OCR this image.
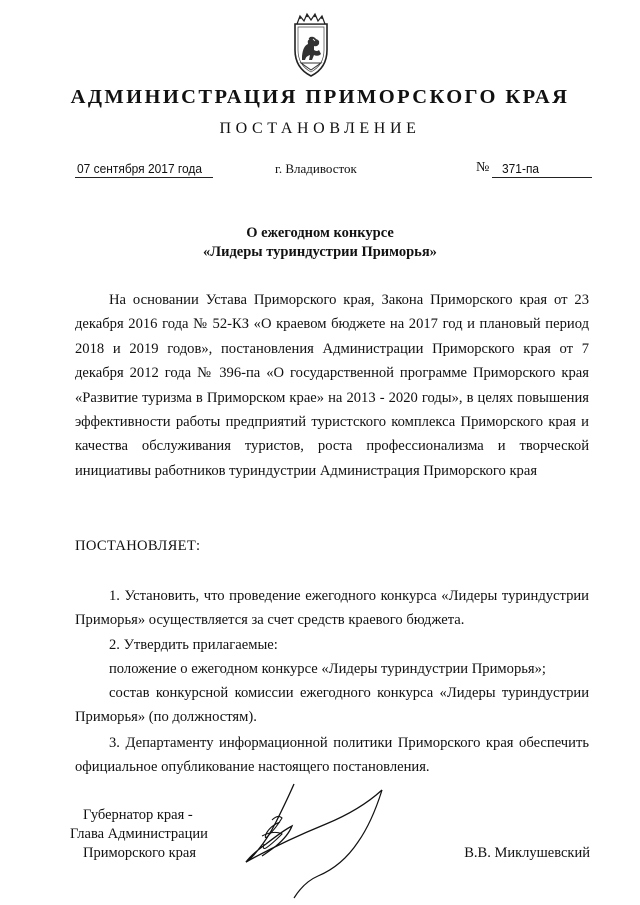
АДМИНИСТРАЦИЯ ПРИМОРСКОГО КРАЯ
ПОСТАНОВЛЕНИЕ
07 сентября 2017 года	г. Владивосток	№ 371-па
О ежегодном конкурсе
«Лидеры туриндустрии Приморья»
На основании Устава Приморского края, Закона Приморского края от 23 декабря 2016 года № 52-КЗ «О краевом бюджете на 2017 год и плановый период 2018 и 2019 годов», постановления Администрации Приморского края от 7 декабря 2012 года № 396-па «О государственной программе Приморского края «Развитие туризма в Приморском крае» на 2013 - 2020 годы», в целях повышения эффективности работы предприятий туристского комплекса Приморского края и качества обслуживания туристов, роста профессионализма и творческой инициативы работников туриндустрии Администрация Приморского края
ПОСТАНОВЛЯЕТ:
1. Установить, что проведение ежегодного конкурса «Лидеры туриндустрии Приморья» осуществляется за счет средств краевого бюджета.
2. Утвердить прилагаемые:
положение о ежегодном конкурсе «Лидеры туриндустрии Приморья»;
состав конкурсной комиссии ежегодного конкурса «Лидеры туриндустрии Приморья» (по должностям).
3. Департаменту информационной политики Приморского края обеспечить официальное опубликование настоящего постановления.
Губернатор края -
Глава Администрации
Приморского края	В.В. Миклушевский
